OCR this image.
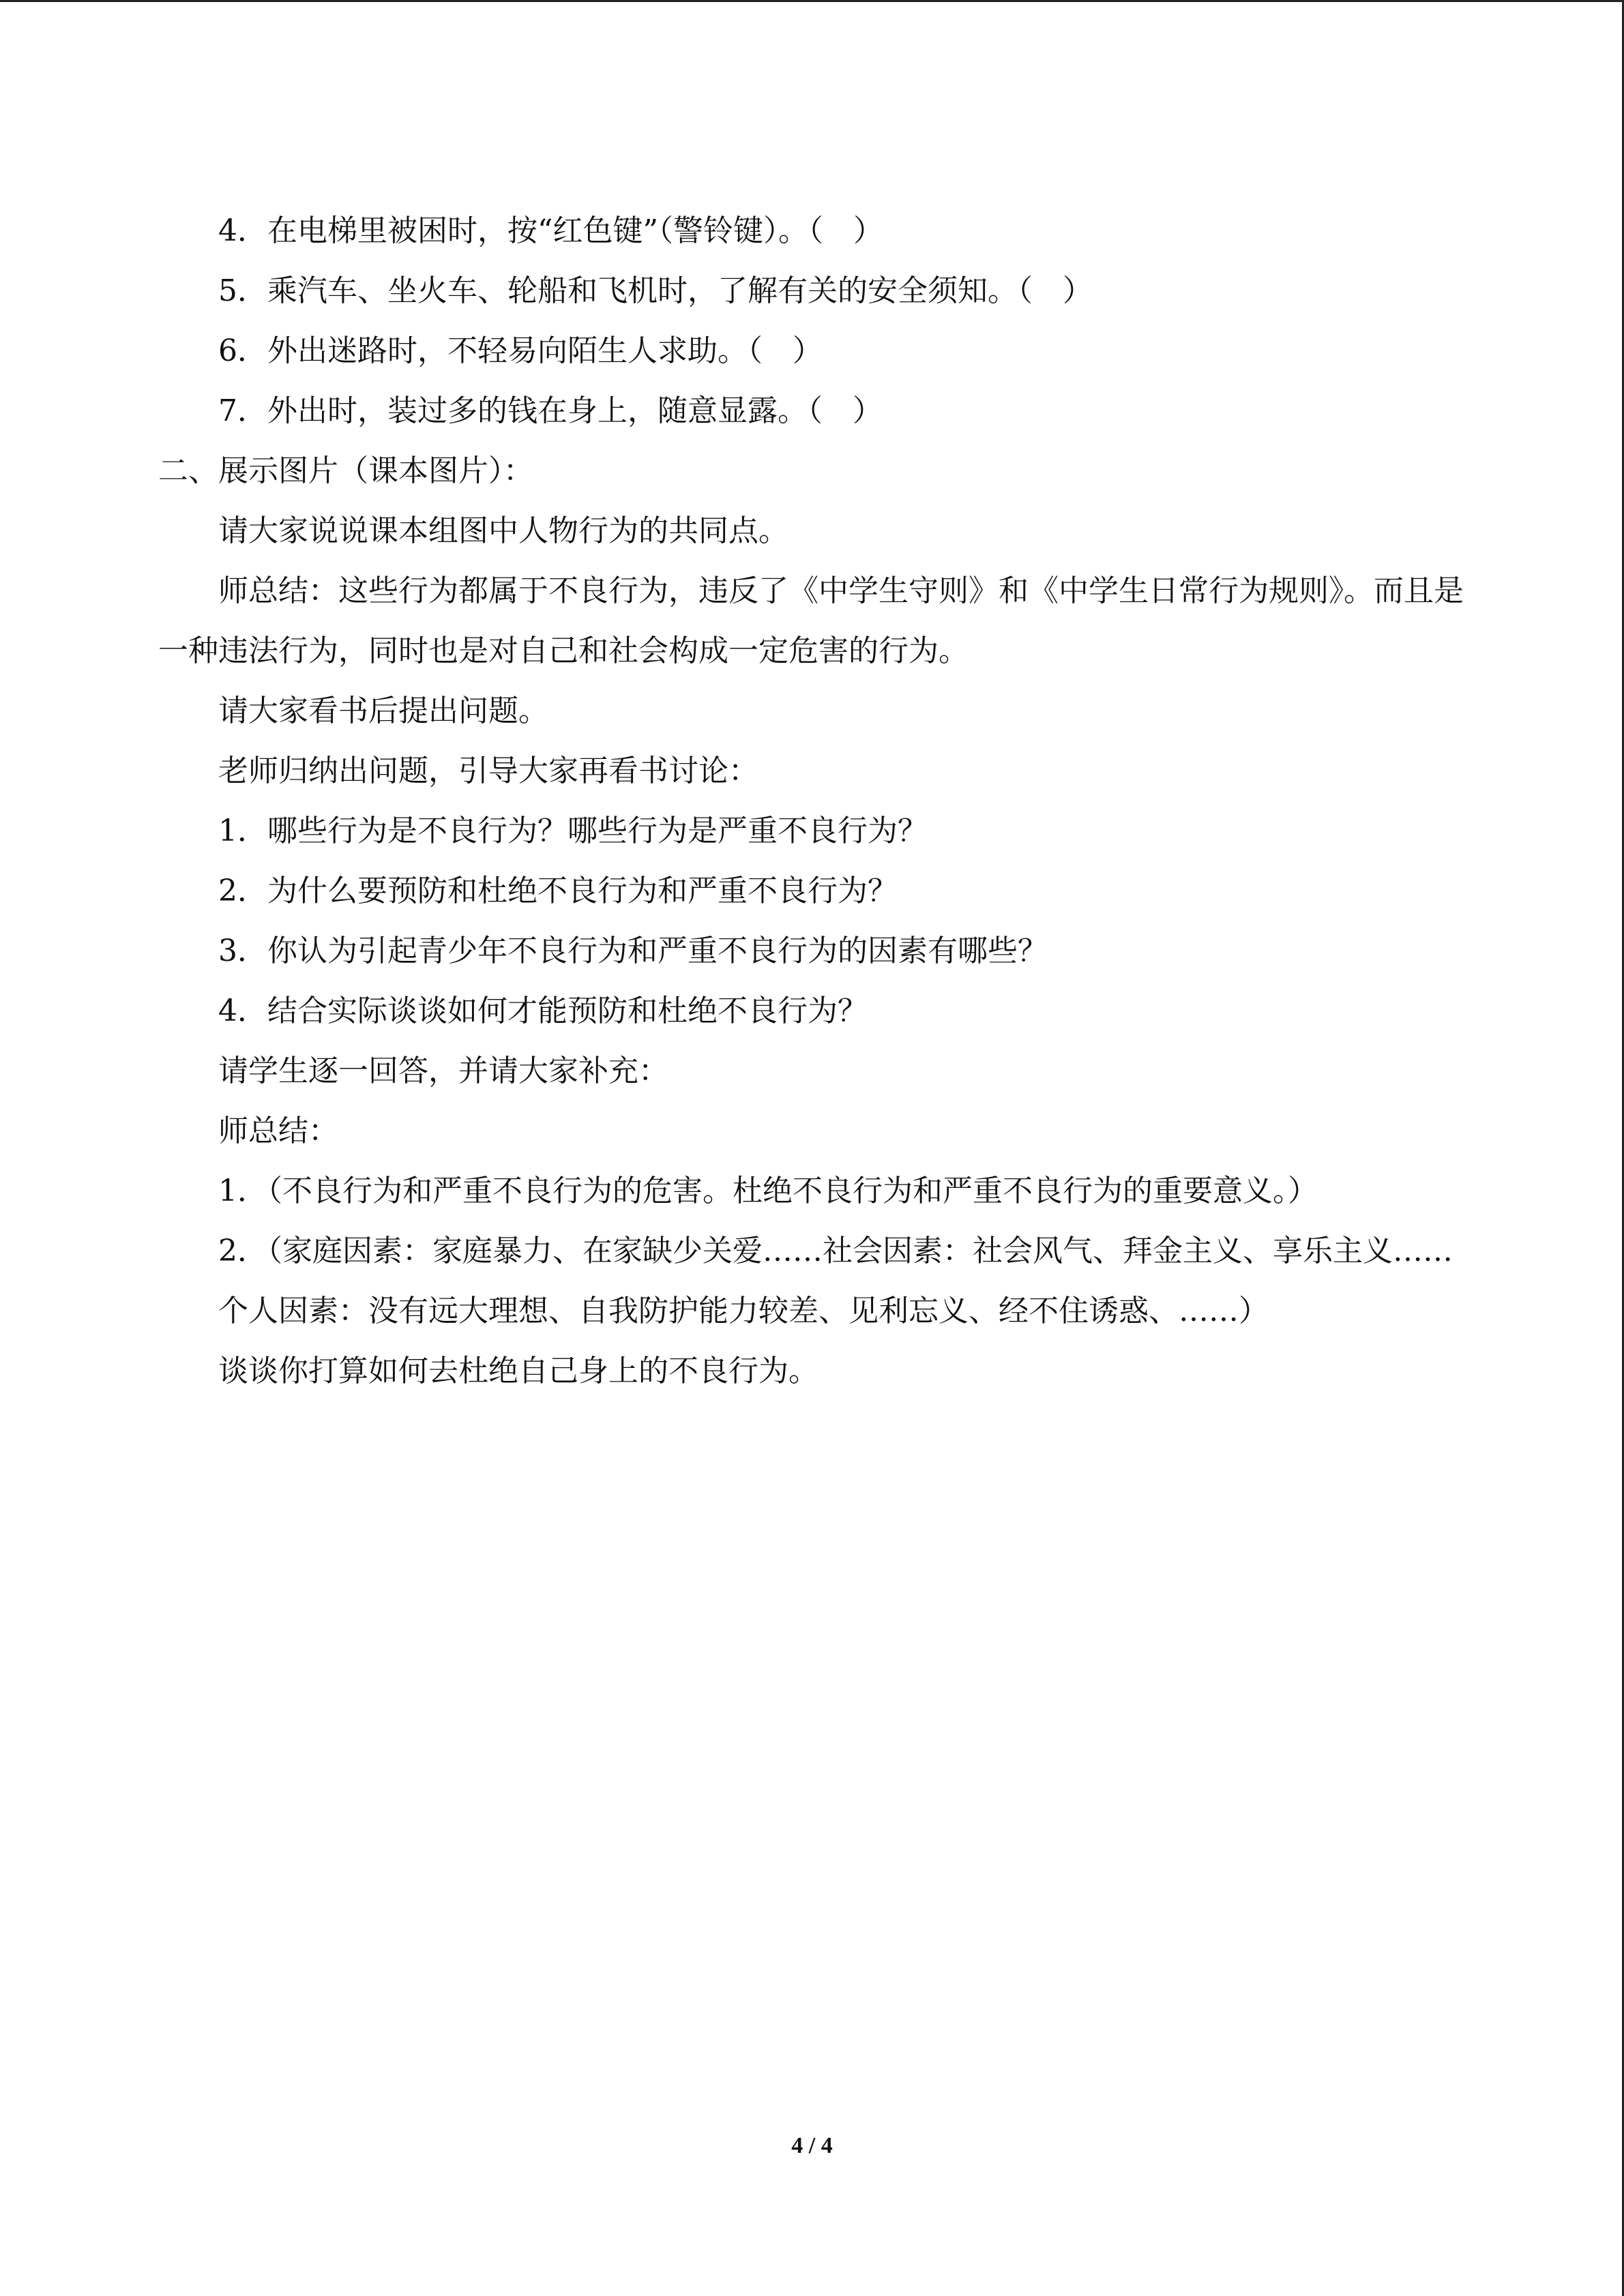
4．在电梯里被困时，按“红色键”（警铃键）。（　）

5．乘汽车、坐火车、轮船和飞机时，了解有关的安全须知。（　）

6．外出迷路时，不轻易向陌生人求助。（　）

7．外出时，装过多的钱在身上，随意显露。（　）

二、展示图片（课本图片）：

请大家说说课本组图中人物行为的共同点。

师总结：这些行为都属于不良行为，违反了《中学生守则》和《中学生日常行为规则》。而且是一种违法行为，同时也是对自己和社会构成一定危害的行为。

请大家看书后提出问题。

老师归纳出问题，引导大家再看书讨论：

1．哪些行为是不良行为？哪些行为是严重不良行为？

2．为什么要预防和杜绝不良行为和严重不良行为？

3．你认为引起青少年不良行为和严重不良行为的因素有哪些？

4．结合实际谈谈如何才能预防和杜绝不良行为？

请学生逐一回答，并请大家补充：

师总结：

1．（不良行为和严重不良行为的危害。杜绝不良行为和严重不良行为的重要意义。）

2．（家庭因素：家庭暴力、在家缺少关爱……社会因素：社会风气、拜金主义、享乐主义……

个人因素：没有远大理想、自我防护能力较差、见利忘义、经不住诱惑、……）

谈谈你打算如何去杜绝自己身上的不良行为。

4 / 4
